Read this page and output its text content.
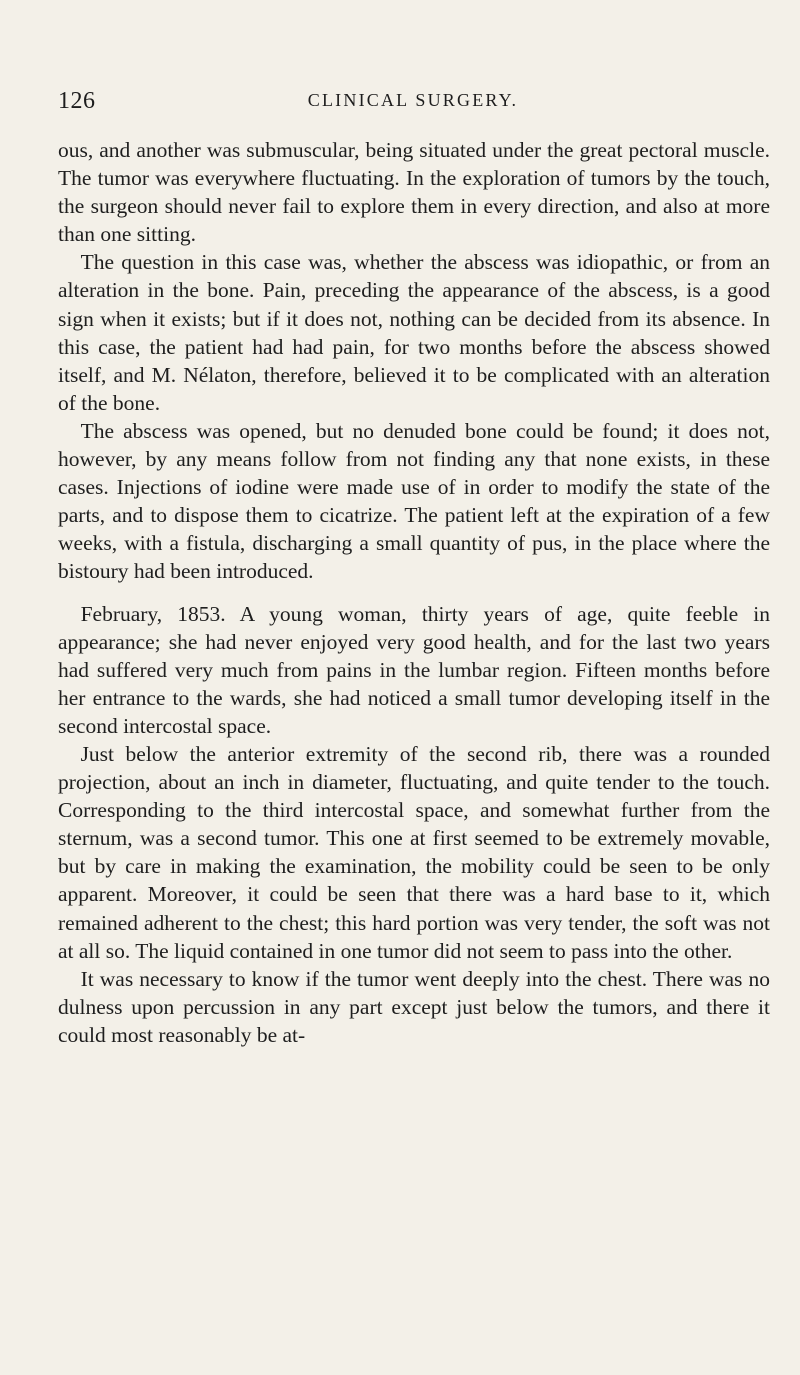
126	CLINICAL SURGERY.

ous, and another was submuscular, being situated under the great pectoral muscle. The tumor was everywhere fluctuating. In the exploration of tumors by the touch, the surgeon should never fail to explore them in every direction, and also at more than one sitting.

The question in this case was, whether the abscess was idiopathic, or from an alteration in the bone. Pain, preceding the appearance of the abscess, is a good sign when it exists; but if it does not, nothing can be decided from its absence. In this case, the patient had had pain, for two months before the abscess showed itself, and M. Nélaton, therefore, believed it to be complicated with an alteration of the bone.

The abscess was opened, but no denuded bone could be found; it does not, however, by any means follow from not finding any that none exists, in these cases. Injections of iodine were made use of in order to modify the state of the parts, and to dispose them to cicatrize. The patient left at the expiration of a few weeks, with a fistula, discharging a small quantity of pus, in the place where the bistoury had been introduced.

February, 1853. A young woman, thirty years of age, quite feeble in appearance; she had never enjoyed very good health, and for the last two years had suffered very much from pains in the lumbar region. Fifteen months before her entrance to the wards, she had noticed a small tumor developing itself in the second intercostal space.

Just below the anterior extremity of the second rib, there was a rounded projection, about an inch in diameter, fluctuating, and quite tender to the touch. Corresponding to the third intercostal space, and somewhat further from the sternum, was a second tumor. This one at first seemed to be extremely movable, but by care in making the examination, the mobility could be seen to be only apparent. Moreover, it could be seen that there was a hard base to it, which remained adherent to the chest; this hard portion was very tender, the soft was not at all so. The liquid contained in one tumor did not seem to pass into the other.

It was necessary to know if the tumor went deeply into the chest. There was no dulness upon percussion in any part except just below the tumors, and there it could most reasonably be at-
